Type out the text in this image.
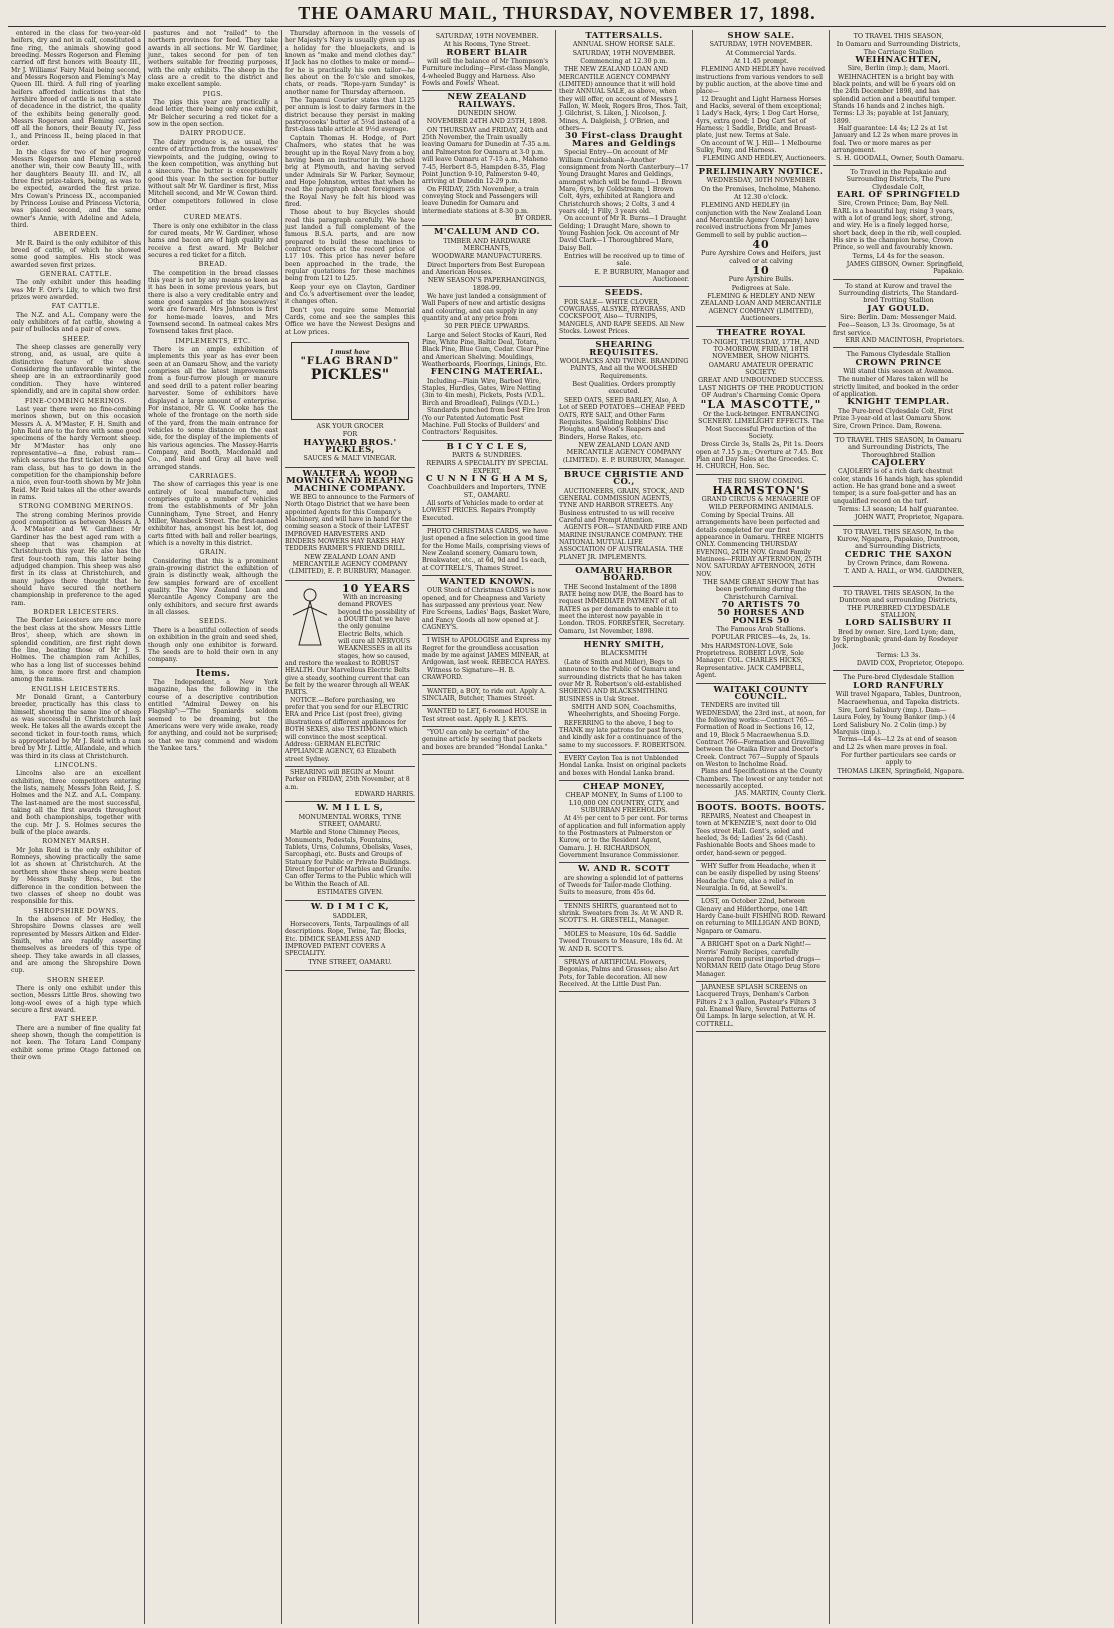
THE OAMARU MAIL, THURSDAY, NOVEMBER 17, 1898.

entered in the class for two-year-old heifers, dry and not in calf, constituted a fine ring, the animals showing good breeding. Messrs Rogerson and Fleming carried off first honors with Beauty III., Mr J. Williams' Fairy Maid being second, and Messrs Rogerson and Fleming's May Queen III. third. A full ring of yearling heifers afforded indications that the Ayrshire breed of cattle is not in a state of decadence in the district, the quality of the exhibits being generally good. Messrs Rogerson and Fleming carried off all the honors, their Beauty IV., Jess I., and Princess II., being placed in that order.

In the class for two of her progeny Messrs Rogerson and Fleming scored another win, their cow Beauty III., with her daughters Beauty III. and IV., all three first prize-takers, being, as was to be expected, awarded the first prize. Mrs Cowan's Princess IX., accompanied by Princess Louise and Princess Victoria, was placed second, and the same owner's Annie, with Adeline and Adela, third.

ABERDEEN.

Mr R. Baird is the only exhibitor of this breed of cattle, of which he showed some good samples. His stock was awarded seven first prizes.

GENERAL CATTLE.

The only exhibit under this heading was Mr F. Orr's Lily, to which two first prizes were awarded.

FAT CATTLE.

The N.Z. and A.L. Company were the only exhibitors of fat cattle, showing a pair of bullocks and a pair of cows.

SHEEP.

The sheep classes are generally very strong, and, as usual, are quite a distinctive feature of the show. Considering the unfavorable winter, the sheep are in an extraordinarily good condition. They have wintered splendidly, and are in capital show order.

FINE-COMBING MERINOS.

Last year there were no fine-combing merinos shown, but on this occasion Messrs A. A. M'Master, F. H. Smith and John Reid are to the fore with some good specimens of the hardy Vermont sheep. Mr M'Master has only one representative—a fine, robust ram—which secures the first ticket in the aged ram class, but has to go down in the competition for the championship before a nice, even four-tooth shown by Mr John Reid. Mr Reid takes all the other awards in rams.

STRONG COMBING MERINOS.

The strong combing Merinos provide good competition as between Messrs A. A. M'Master and W. Gardiner. Mr Gardiner has the best aged ram with a sheep that was champion at Christchurch this year. He also has the first four-tooth ram, this latter being adjudged champion. This sheep was also first in its class at Christchurch, and many judges there thought that he should have secured the northern championship in preference to the aged ram.

BORDER LEICESTERS.

The Border Leicesters are once more the best class at the show. Messrs Little Bros', sheep, which are shown in splendid condition, are first right down the line, beating those of Mr J. S. Holmes. The champion ram Achilles, who has a long list of successes behind him, is once more first and champion among the rams.

ENGLISH LEICESTERS.

Mr Donald Grant, a Canterbury breeder, practically has this class to himself, showing the same line of sheep as was successful in Christchurch last week. He takes all the awards except the second ticket in four-tooth rams, which is appropriated by Mr J. Reid with a ram bred by Mr J. Little, Allandale, and which was third in its class at Christchurch.

LINCOLNS.

Lincolns also are an excellent exhibition, three competitors entering the lists, namely, Messrs John Reid, J. S. Holmes and the N.Z. and A.L. Company. The last-named are the most successful, taking all the first awards throughout and both championships, together with the cup. Mr J. S. Holmes secures the bulk of the place awards.

ROMNEY MARSH.

Mr John Reid is the only exhibitor of Romneys, showing practically the same lot as shown at Christchurch. At the northern show these sheep were beaten by Messrs Bushy Bros., but the difference in the condition between the two classes of sheep no doubt was responsible for this.

SHROPSHIRE DOWNS.

In the absence of Mr Hedley, the Shropshire Downs classes are well represented by Messrs Aitken and Elder-Smith, who are rapidly asserting themselves as breeders of this type of sheep. They take awards in all classes, and are among the Shropshire Down cup.

SHORN SHEEP.

There is only one exhibit under this section, Messrs Little Bros. showing two long-wool ewes of a high type which secure a first award.

FAT SHEEP.

There are a number of fine quality fat sheep shown, though the competition is not keen. The Totara Land Company exhibit some prime Otago fattened on their own

pastures and not "railed" to the northern provinces for feed. They take awards in all sections. Mr W. Gardiner, junr., takes second for pen of ten wethers suitable for freezing purposes, with the only exhibits. The sheep in the class are a credit to the district and make excellent sample.

PIGS.

The pigs this year are practically a dead letter, there being only one exhibit, Mr Belcher securing a red ticket for a sow in the open section.

DAIRY PRODUCE.

The dairy produce is, as usual, the centre of attraction from the housewives' viewpoints, and the judging, owing to the keen competition, was anything but a sinecure. The butter is exceptionally good this year. In the section for butter without salt Mr W. Gardiner is first, Miss Mitchell second, and Mr W. Cowan third. Other competitors followed in close order.

CURED MEATS.

There is only one exhibitor in the class for cured meats, Mr W. Gardiner, whose hams and bacon are of high quality and receive a first award. Mr Belcher secures a red ticket for a flitch.

BREAD.

The competition in the bread classes this year is not by any means so keen as it has been in some previous years, but there is also a very creditable entry and some good samples of the housewives' work are forward. Mrs Johnston is first for home-made loaves, and Mrs Townsend second. In oatmeal cakes Mrs Townsend takes first place.

IMPLEMENTS, ETC.

There is an ample exhibition of implements this year as has ever been seen at an Oamaru Show, and the variety comprises all the latest improvements from a four-furrow plough or manure and seed drill to a patent roller bearing harvester. Some of exhibitors have displayed a large amount of enterprise. For instance, Mr G. W. Cooke has the whole of the frontage on the north side of the yard, from the main entrance for vehicles to some distance on the east side, for the display of the implements of his various agencies. The Massey-Harris Company, and Booth, Macdonald and Co., and Reid and Gray all have well arranged stands.

CARRIAGES.

The show of carriages this year is one entirely of local manufacture, and comprises quite a number of vehicles from the establishments of Mr John Cunningham, Tyne Street, and Henry Miller, Wansbeck Street. The first-named exhibitor has, amongst his best lot, dog carts fitted with ball and roller bearings, which is a novelty in this district.

GRAIN.

Considering that this is a prominent grain-growing district the exhibition of grain is distinctly weak, although the few samples forward are of excellent quality. The New Zealand Loan and Mercantile Agency Company are the only exhibitors, and secure first awards in all classes.

SEEDS.

There is a beautiful collection of seeds on exhibition in the grain and seed shed, though only one exhibitor is forward. The seeds are to hold their own in any company.

Items.

The Independent, a New York magazine, has the following in the course of a descriptive contribution entitled "Admiral Dewey on his Flagship":—"The Spaniards seldom seemed to be dreaming, but the Americans were very wide awake, ready for anything, and could not be surprised; so that we may commend and wisdom the Yankee tars."

Thursday afternoon in the vessels of her Majesty's Navy is usually given up as a holiday for the bluejackets, and is known as "make and mend clothes day." If Jack has no clothes to make or mend—for he is practically his own tailor—he lies about on the fo'c'sle and smokes, chats, or reads. "Rope-yarn Sunday" is another name for Thursday afternoon.

The Tapanui Courier states that L125 per annum is lost to dairy farmers in the district because they persist in making pastryocooks' butter at 5½d instead of a first-class table article at 9½d average.

Captain Thomas H. Hodge, of Port Chalmers, who states that he was brought up in the Royal Navy from a boy, having been an instructor in the school brig at Plymouth, and having served under Admirals Sir W. Parker, Seymour, and Hope Johnston, writes that when he read the paragraph about foreigners as the Royal Navy he felt his blood was fired.

Those about to buy Bicycles should read this paragraph carefully. We have just landed a full complement of the famous B.S.A. parts, and are now prepared to build these machines to contract orders at the record price of L17 10s. This price has never before been approached in the trade, the regular quotations for these machines being from L21 to L25.

Keep your eye on Clayton, Gardiner and Co.'s advertisement over the leader, it changes often.

Don't you require some Memorial Cards, come and see the samples this Office we have the Newest Designs and at Low prices.

I must have
"FLAG BRAND"
PICKLES"
ASK YOUR GROCER
FOR
HAYWARD BROS.' PICKLES,
SAUCES & MALT VINEGAR.
WALTER A. WOOD MOWING AND REAPING MACHINE COMPANY.

WE BEG to announce to the Farmers of North Otago District that we have been appointed Agents for this Company's Machinery, and will have in hand for the coming season a Stock of their LATEST IMPROVED HARVESTERS AND BINDERS MOWERS HAY RAKES HAY TEDDERS FARMER'S FRIEND DRILL.

NEW ZEALAND LOAN AND MERCANTILE AGENCY COMPANY (LIMITED), E. P. BURBURY, Manager.
10 YEARS

With an increasing demand PROVES beyond the possibility of a DOUBT that we have the only genuine Electric Belts, which will cure all NERVOUS WEAKNESSES in all its stages, how so caused, and restore the weakest to ROBUST HEALTH. Our Marvellous Electric Belts give a steady, soothing current that can be felt by the wearer through all WEAK PARTS.

NOTICE.—Before purchasing, we prefer that you send for our ELECTRIC ERA and Price List (post free), giving illustrations of different appliances for BOTH SEXES, also TESTIMONY which will convince the most sceptical. Address: GERMAN ELECTRIC APPLIANCE AGENCY, 63 Elizabeth street Sydney.

SHEARING will BEGIN at Mount Parker on FRIDAY, 25th November, at 8 a.m.

EDWARD HARRIS.
W. M I L L S,
MONUMENTAL WORKS, TYNE STREET, OAMARU.

Marble and Stone Chimney Pieces, Monuments, Pedestals, Fountains, Tablets, Urns, Columns, Obelisks, Vases, Sarcophagi, etc. Busts and Groups of Statuary for Public or Private Buildings. Direct Importer of Marbles and Granite. Can offer Terms to the Public which will be Within the Reach of All.

ESTIMATES GIVEN.
W. D I M I C K,
SADDLER,

Horsecovers, Tents, Tarpaulings of all descriptions. Rope, Twine, Tar, Blocks, Etc. DIMICK SEAMLESS AND IMPROVED PATENT COVERS A SPECIALITY.

TYNE STREET, OAMARU.
SATURDAY, 19TH NOVEMBER.
At his Rooms, Tyne Street.
ROBERT BLAIR

will sell the balance of Mr Thompson's Furniture including—First-class Mangle, 4-wheeled Buggy and Harness. Also Fowls and Fowls' Wheat.

NEW ZEALAND RAILWAYS.
DUNEDIN SHOW.
NOVEMBER 24TH AND 25TH, 1898.

ON THURSDAY and FRIDAY, 24th and 25th November, the Train usually leaving Oamaru for Dunedin at 7-35 a.m. and Palmerston for Oamaru at 3-0 p.m. will leave Oamaru at 7-15 a.m., Maheno 7-45, Herbert 8-5, Hampden 8-35, Flag Point Junction 9-10, Palmerston 9-40, arriving at Dunedin 12-29 p.m.

On FRIDAY, 25th November, a train conveying Stock and Passengers will leave Dunedin for Oamaru and intermediate stations at 8-30 p.m.

BY ORDER.
M'CALLUM AND CO.
TIMBER AND HARDWARE MERCHANTS,
WOODWARE MANUFACTURERS.

Direct Importers from Best European and American Houses.

NEW SEASON'S PAPERHANGINGS, 1898-99.

We have just landed a consignment of Wall Papers of new and artistic designs and colouring, and can supply in any quantity and at any price from

30 PER PIECE UPWARDS.

Large and Select Stocks of Kauri, Red Pine, White Pine, Baltic Deal, Totara, Black Pine, Blue Gum, Cedar. Clear Pine and American Shelving. Mouldings, Weatherboards, Floorings, Linings, Etc.

FENCING MATERIAL.

Including—Plain Wire, Barbed Wire, Staples, Hurdles, Gates, Wire Netting (3in to 4in mesh), Pickets, Posts (V.D.L. Birch and Broadleaf), Palings (V.D.L.)

Standards punched from best Fire Iron (Yo our Patented Automatic Post Machine. Full Stocks of Builders' and Contractors' Requisites.

B I C Y C L E S,
PARTS & SUNDRIES.
REPAIRS A SPECIALITY BY SPECIAL EXPERT,
C U N N I N G H A M S,
Coachbuilders and Importers, TYNE ST., OAMARU.

All sorts of Vehicles made to order at LOWEST PRICES. Repairs Promptly Executed.

PHOTO CHRISTMAS CARDS, we have just opened a fine selection in good time for the Home Mails, comprising views of New Zealand scenery, Oamaru town, Breakwater, etc., at 6d, 9d and 1s each, at COTTRELL'S, Thames Street.

WANTED KNOWN.

OUR Stock of Christmas CARDS is now opened, and for Cheapness and Variety has surpassed any previous year. New Fire Screens, Ladies' Bags, Basket Ware, and Fancy Goods all now opened at J. CAGNEY'S.

I WISH to APOLOGISE and Express my Regret for the groundless accusation made by me against JAMES MINEAR, at Ardgowan, last week. REBECCA HAYES.

Witness to Signature—H. B. CRAWFORD.

WANTED, a BOY, to ride out. Apply A. SINCLAIR, Butcher, Thames Street.

WANTED to LET, 6-roomed HOUSE in Test street east. Apply R. J. KEYS.

"YOU can only be certain" of the genuine article by seeing that packets and boxes are branded "Hondal Lanka."

TATTERSALLS.
ANNUAL SHOW HORSE SALE.
SATURDAY, 19TH NOVEMBER.
Commencing at 12.30 p.m.

THE NEW ZEALAND LOAN AND MERCANTILE AGENCY COMPANY (LIMITED) announce that it will hold their ANNUAL SALE, as above, when they will offer, on account of Messrs J. Fallon, W. Meek, Rogers Bros, Thos. Tait, J. Gilchrist, S. Liken, J. Nicolson, J. Mines, A. Dalgleish, J. O'Brien, and others—

30 First-class Draught Mares and Geldings

Special Entry—On account of Mr William Cruickshank—Another consignment from North Canterbury—17 Young Draught Mares and Geldings, amongst which will be found—1 Brown Mare, 6yrs, by Coldstream; 1 Brown Colt, 4yrs, exhibited at Rangiora and Christchurch shows; 2 Colts, 3 and 4 years old; 1 Filly, 3 years old.

On account of Mr R. Burns—1 Draught Gelding; 1 Draught Mare, shown to Young Fashion Jock. On account of Mr David Clark—1 Thoroughbred Mare, Daisy Bell.

Entries will be received up to time of sale.
E. P. BURBURY, Manager and Auctioneer.
SEEDS.

FOR SALE— WHITE CLOVER, COWGRASS, ALSYKE, RYEGRASS, AND COCKSFOOT, Also— TURNIPS, MANGELS, AND RAPE SEEDS. All New Stocks. Lowest Prices.

SHEARING REQUISITES.
WOOLPACKS AND TWINE. BRANDING PAINTS, And all the WOOLSHED Requirements.
Best Qualities. Orders promptly executed.

SEED OATS, SEED BARLEY, Also, A Lot of SEED POTATOES—CHEAP. FEED OATS, RYE SALT, and Other Farm Requisites. Spalding Robbins' Disc Ploughs, and Wood's Reapers and Binders, Horse Rakes, etc.

NEW ZEALAND LOAN AND MERCANTILE AGENCY COMPANY (LIMITED). E. P. BURBURY, Manager.
BRUCE CHRISTIE AND CO.,

AUCTIONEERS, GRAIN, STOCK, AND GENERAL COMMISSION AGENTS, TYNE AND HARBOR STREETS. Any Business entrusted to us will receive Careful and Prompt Attention.

AGENTS FOR— STANDARD FIRE AND MARINE INSURANCE COMPANY. THE NATIONAL MUTUAL LIFE ASSOCIATION OF AUSTRALASIA. THE PLANET JR. IMPLEMENTS.

OAMARU HARBOR BOARD.

THE Second Instalment of the 1898 RATE being now DUE, the Board has to request IMMEDIATE PAYMENT of all RATES as per demands to enable it to meet the interest now payable in London. TROS. FORRESTER, Secretary. Oamaru, 1st November, 1898.

HENRY SMITH,
BLACKSMITH

(Late of Smith and Miller), Begs to announce to the Public of Oamaru and surrounding districts that he has taken over Mr R. Robertson's old-established SHOEING AND BLACKSMITHING BUSINESS in Usk Street.

SMITH AND SON, Coachsmiths, Wheelwrights, and Shoeing Forge.

REFERRING to the above, I beg to THANK my late patrons for past favors, and kindly ask for a continuance of the same to my successors. F. ROBERTSON.

EVERY Ceylon Tea is not Unblended Hondal Lanka. Insist on original packets and boxes with Hondal Lanka brand.

CHEAP MONEY,
CHEAP MONEY, In Sums of L100 to L10,000 ON COUNTRY, CITY, and SUBURBAN FREEHOLDS.

At 4½ per cent to 5 per cent. For terms of application and full information apply to the Postmasters at Palmerston or Kurow, or to the Resident Agent, Oamaru. J. H. RICHARDSON, Government Insurance Commissioner.

W. AND R. SCOTT

are showing a splendid lot of patterns of Tweeds for Tailor-made Clothing. Suits to measure, from 45s 6d.

TENNIS SHIRTS, guaranteed not to shrink. Sweaters from 3s. At W. AND R. SCOTT'S. H. GRESTELL, Manager.

MOLES to Measure, 10s 6d. Saddle Tweed Trousers to Measure, 18s 6d. At W. AND R. SCOTT'S.

SPRAYS of ARTIFICIAL Flowers, Begonias, Palms and Grasses; also Art Pots, for Table decoration. All new Received. At the Little Dust Pan.

SHOW SALE.
SATURDAY, 19TH NOVEMBER.
At Commercial Yards.
At 11.45 prompt.

FLEMING AND HEDLEY have received instructions from various vendors to sell by public auction, at the above time and place—

12 Draught and Light Harness Horses and Hacks, several of them exceptional; 1 Lady's Hack, 4yrs; 1 Dog Cart Horse, 4yrs, extra good; 1 Dog Cart Set of Harness; 1 Saddle, Bridle, and Breast-plate, just new. Terms at Sale.

On account of W. J. Hill— 1 Melbourne Sulky, Pony, and Harness.

FLEMING AND HEDLEY, Auctioneers.
PRELIMINARY NOTICE.
WEDNESDAY, 30TH NOVEMBER
On the Premises, Incholme, Maheno.
At 12.30 o'clock.

FLEMING AND HEDLEY (in conjunction with the New Zealand Loan and Mercantile Agency Company) have received instructions from Mr James Gemmell to sell by public auction—

40
Pure Ayrshire Cows and Heifers, just calved or at calving
10
Pure Ayrshire Bulls.
Pedigrees at Sale.
FLEMING & HEDLEY AND NEW ZEALAND LOAN AND MERCANTILE AGENCY COMPANY (LIMITED), Auctioneers.
THEATRE ROYAL
TO-NIGHT, THURSDAY, 17TH, AND TO-MORROW, FRIDAY, 18TH NOVEMBER, SHOW NIGHTS.
OAMARU AMATEUR OPERATIC SOCIETY.
GREAT AND UNBOUNDED SUCCESS. LAST NIGHTS OF THE PRODUCTION OF Audran's Charming Comic Opera
"LA MASCOTTE,"
Or the Luck-bringer. ENTRANCING SCENERY. LIMELIGHT EFFECTS. The Most Successful Production of the Society.

Dress Circle 3s, Stalls 2s, Pit 1s. Doors open at 7.15 p.m.; Overture at 7.45. Box Plan and Day Sales at the Grocedes. C. H. CHURCH, Hon. Sec.

THE BIG SHOW COMING.
HARMSTON'S
GRAND CIRCUS & MENAGERIE OF WILD PERFORMING ANIMALS.

Coming by Special Trains. All arrangements have been perfected and details completed for our first appearance in Oamaru. THREE NIGHTS ONLY. Commencing THURSDAY EVENING, 24TH NOV. Grand Family Matinees—FRIDAY AFTERNOON, 25TH NOV. SATURDAY AFTERNOON, 26TH NOV.

THE SAME GREAT SHOW That has been performing during the Christchurch Carnival.
70 ARTISTS 70
50 HORSES AND PONIES 50
The Famous Arab Stallions.
POPULAR PRICES—4s, 2s, 1s.

Mrs HARMSTON-LOVE, Sole Proprietress. ROBERT LOVE, Sole Manager. COL. CHARLES HICKS, Representative. JACK CAMPBELL, Agent.

WAITAKI COUNTY COUNCIL.

TENDERS are invited till WEDNESDAY, the 23rd inst., at noon, for the following works:—Contract 765—Formation of Road in Sections 16, 12, and 19, Block 5 Macraewhenua S.D. Contract 766—Formation and Gravelling between the Otaika River and Doctor's Creek. Contract 767—Supply of Spauls on Weston to Incholme Road.

Plans and Specifications at the County Chambers. The lowest or any tender not necessarily accepted.

JAS. MARTIN, County Clerk.
BOOTS. BOOTS. BOOTS.

REPAIRS, Neatest and Cheapest in town at M'KENZIE'S, next door to Old Tees street Hall. Gent's, soled and heeled, 3s 6d; Ladies' 2s 6d (Cash). Fashionable Boots and Shoes made to order, hand-sewn or pegged.

WHY Suffer from Headache, when it can be easily dispelled by using Steens' Headache Cure, also a relief in Neuralgia. In 6d, at Sewell's.

LOST, on October 22nd, between Glenavy and Hilderthorpe, one 14ft Hardy Cane-built FISHING ROD. Reward on returning to MILLIGAN AND BOND, Ngapara or Oamaru.

A BRIGHT Spot on a Dark Night!—Norris' Family Recipes, carefully prepared from purest imported drugs—NORMAN REID (late Otago Drug Store Manager.

JAPANESE SPLASH SCREENS on Lacquered Trays, Denham's Carbon Filters 2 x 3 gallon, Pasteur's Filters 3 gal. Enamel Ware, Several Patterns of Oil Lamps. In large selection, at W. H. COTTRELL.

TO TRAVEL THIS SEASON,
In Oamaru and Surrounding Districts, The Carriage Stallion
WEIHNACHTEN,
Sire, Berlin (imp.); dam, Maori.

WEIHNACHTEN is a bright bay with black points, and will be 6 years old on the 24th December 1898, and has splendid action and a beautiful temper. Stands 16 hands and 2 inches high. Terms: L3 3s; payable at 1st January, 1899.

Half guarantee: L4 4s; L2 2s at 1st January and L2 2s when mare proves in foal. Two or more mares as per arrangement.

S. H. GOODALL, Owner, South Oamaru.
To Travel in the Papakaio and Surrounding Districts, The Pure Clydesdale Colt,
EARL OF SPRINGFIELD

Sire, Crown Prince; Dam, Bay Nell. EARL is a beautiful bay, rising 3 years, with a lot of grand legs; short, strong, and wiry. He is a finely legged horse, short back, deep in the rib, well coupled. His sire is the champion horse, Crown Prince, so well and favourably known.

Terms, L4 4s for the season.
JAMES GIBSON, Owner. Springfield, Papakaio.
To stand at Kurow and travel the Surrounding districts, The Standard-bred Trotting Stallion
JAY GOULD.
Sire: Berlin. Dam: Messenger Maid.

Fee—Season, L3 3s. Groomage, 5s at first service.

ERR AND MACINTOSH, Proprietors.
The Famous Clydesdale Stallion
CROWN PRINCE
Will stand this season at Awamoa.

The number of Mares taken will be strictly limited, and booked in the order of application.

KNIGHT TEMPLAR.

The Pure-bred Clydesdale Colt, First Prize 3-year-old at last Oamaru Show. Sire, Crown Prince. Dam, Rowena.

TO TRAVEL THIS SEASON, In Oamaru and Surrounding Districts, The Thoroughbred Stallion
CAJOLERY

CAJOLERY is of a rich dark chestnut color, stands 16 hands high, has splendid action. He has grand bone and a sweet temper, is a sure foal-getter and has an unqualified record on the turf.

Terms: L3 season; L4 half guarantee.
JOHN WATT, Proprietor, Ngapara.
TO TRAVEL THIS SEASON, In the Kurow, Ngapara, Papakaio, Duntroon, and Surrounding Districts,
CEDRIC THE SAXON
by Crown Prince, dam Rowena.
T. AND A. HALL, or WM. GARDINER, Owners.
TO TRAVEL THIS SEASON, In the Duntroon and surrounding Districts, THE PUREBRED CLYDESDALE STALLION,
LORD SALISBURY II

Bred by owner. Sire, Lord Lyon; dam, by Springbank; grand-dam by Rosdeyer Jock.

Terms: L3 3s.
DAVID COX, Proprietor, Otepopo.
The Pure-bred Clydesdale Stallion
LORD RANFURLY
Will travel Ngapara, Tables, Duntroon, Macraewhenua, and Tapeka districts.

Sire, Lord Salisbury (imp.). Dam—Laura Foley, by Young Banker (imp.) (4 Lord Salisbury No. 2 Colin (imp.) by Marquis (imp.).

Terms—L4 4s—L2 2s at end of season and L2 2s when mare proves in foal.

For further particulars see cards or apply to
THOMAS LIKEN, Springfield, Ngapara.
